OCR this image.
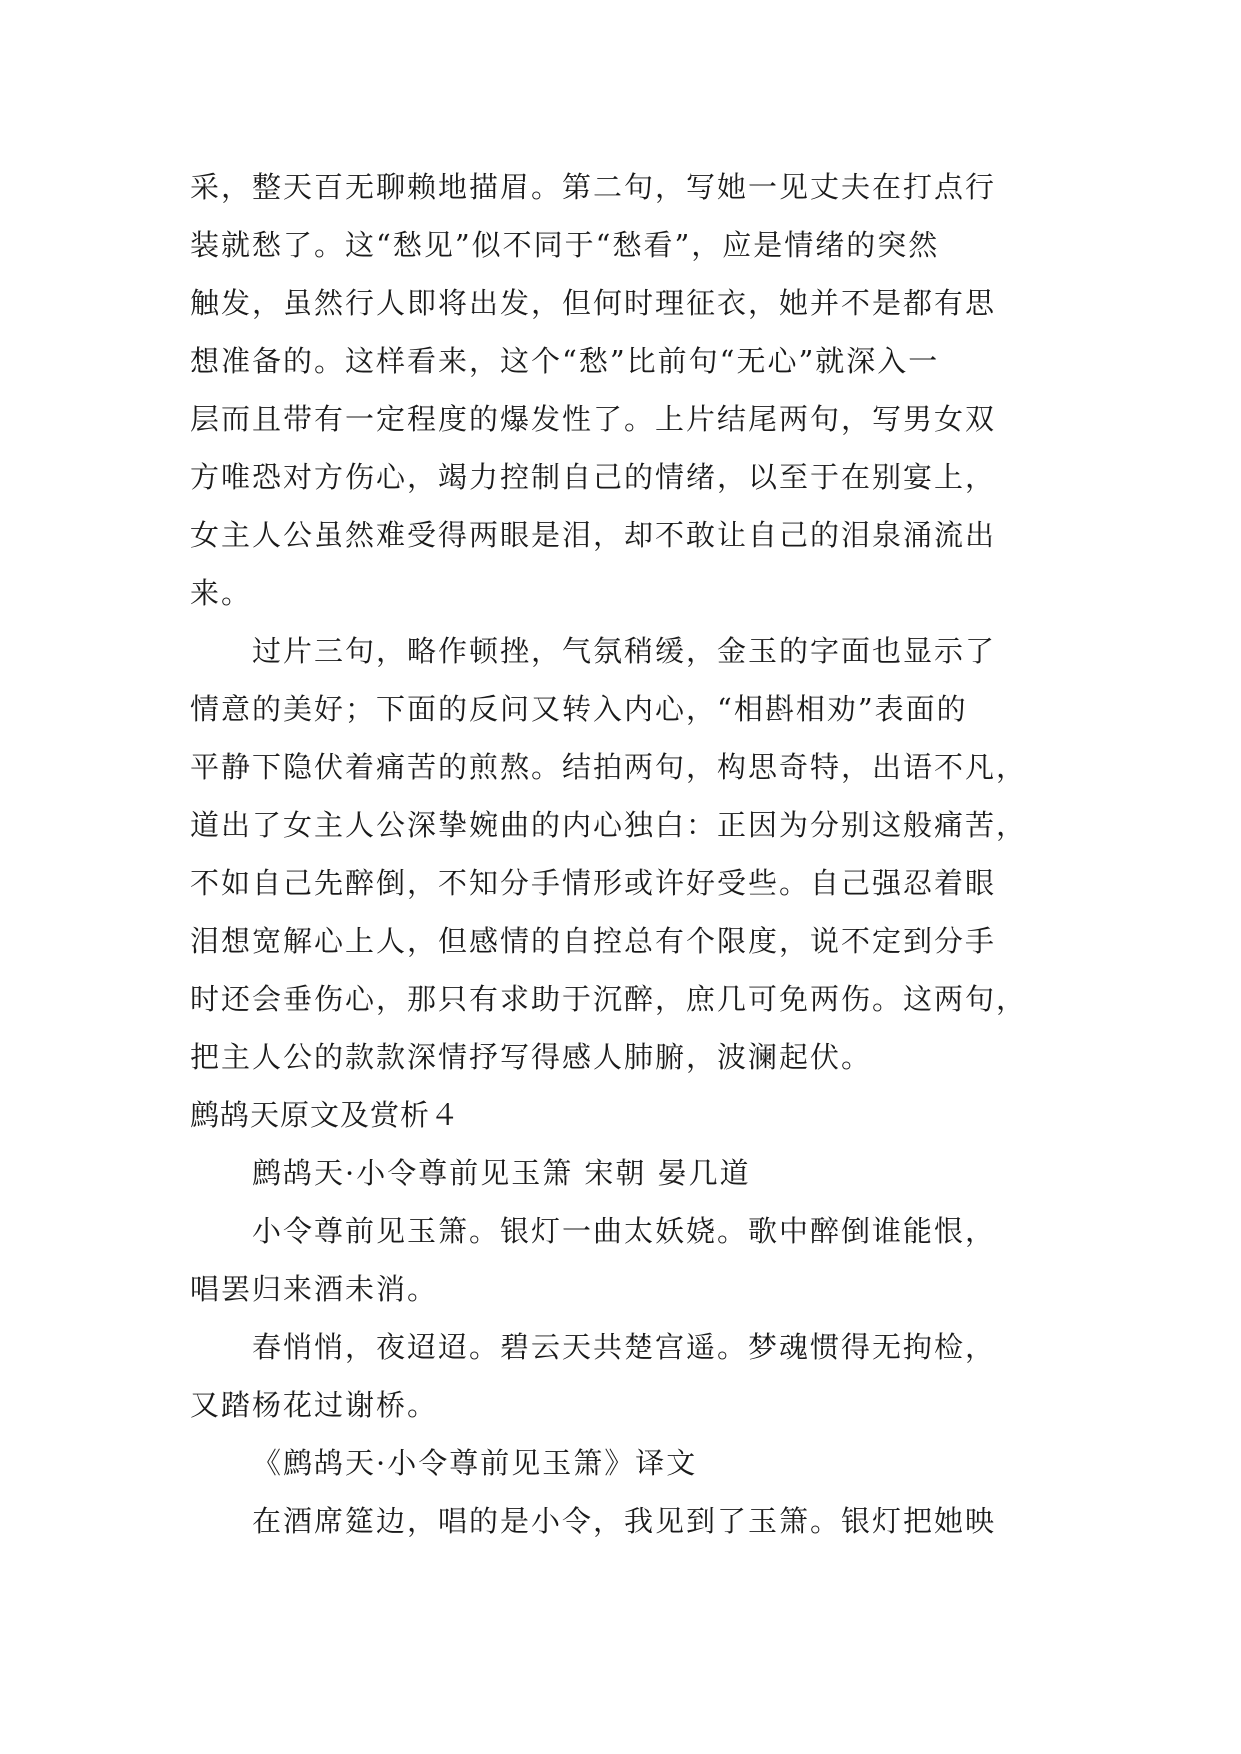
采，整天百无聊赖地描眉。第二句，写她一见丈夫在打点行
装就愁了。这“愁见”似不同于“愁看”，应是情绪的突然
触发，虽然行人即将出发，但何时理征衣，她并不是都有思
想准备的。这样看来，这个“愁”比前句“无心”就深入一
层而且带有一定程度的爆发性了。上片结尾两句，写男女双
方唯恐对方伤心，竭力控制自己的情绪，以至于在别宴上，
女主人公虽然难受得两眼是泪，却不敢让自己的泪泉涌流出
来。
过片三句，略作顿挫，气氛稍缓，金玉的字面也显示了
情意的美好；下面的反问又转入内心，“相斟相劝”表面的
平静下隐伏着痛苦的煎熬。结拍两句，构思奇特，出语不凡，
道出了女主人公深挚婉曲的内心独白：正因为分别这般痛苦，
不如自己先醉倒，不知分手情形或许好受些。自己强忍着眼
泪想宽解心上人，但感情的自控总有个限度，说不定到分手
时还会垂伤心，那只有求助于沉醉，庶几可免两伤。这两句，
把主人公的款款深情抒写得感人肺腑，波澜起伏。
鹧鸪天原文及赏析４
鹧鸪天·小令尊前见玉箫 宋朝 晏几道
小令尊前见玉箫。银灯一曲太妖娆。歌中醉倒谁能恨，
唱罢归来酒未消。
春悄悄，夜迢迢。碧云天共楚宫遥。梦魂惯得无拘检，
又踏杨花过谢桥。
《鹧鸪天·小令尊前见玉箫》译文
在酒席筵边，唱的是小令，我见到了玉箫。银灯把她映
